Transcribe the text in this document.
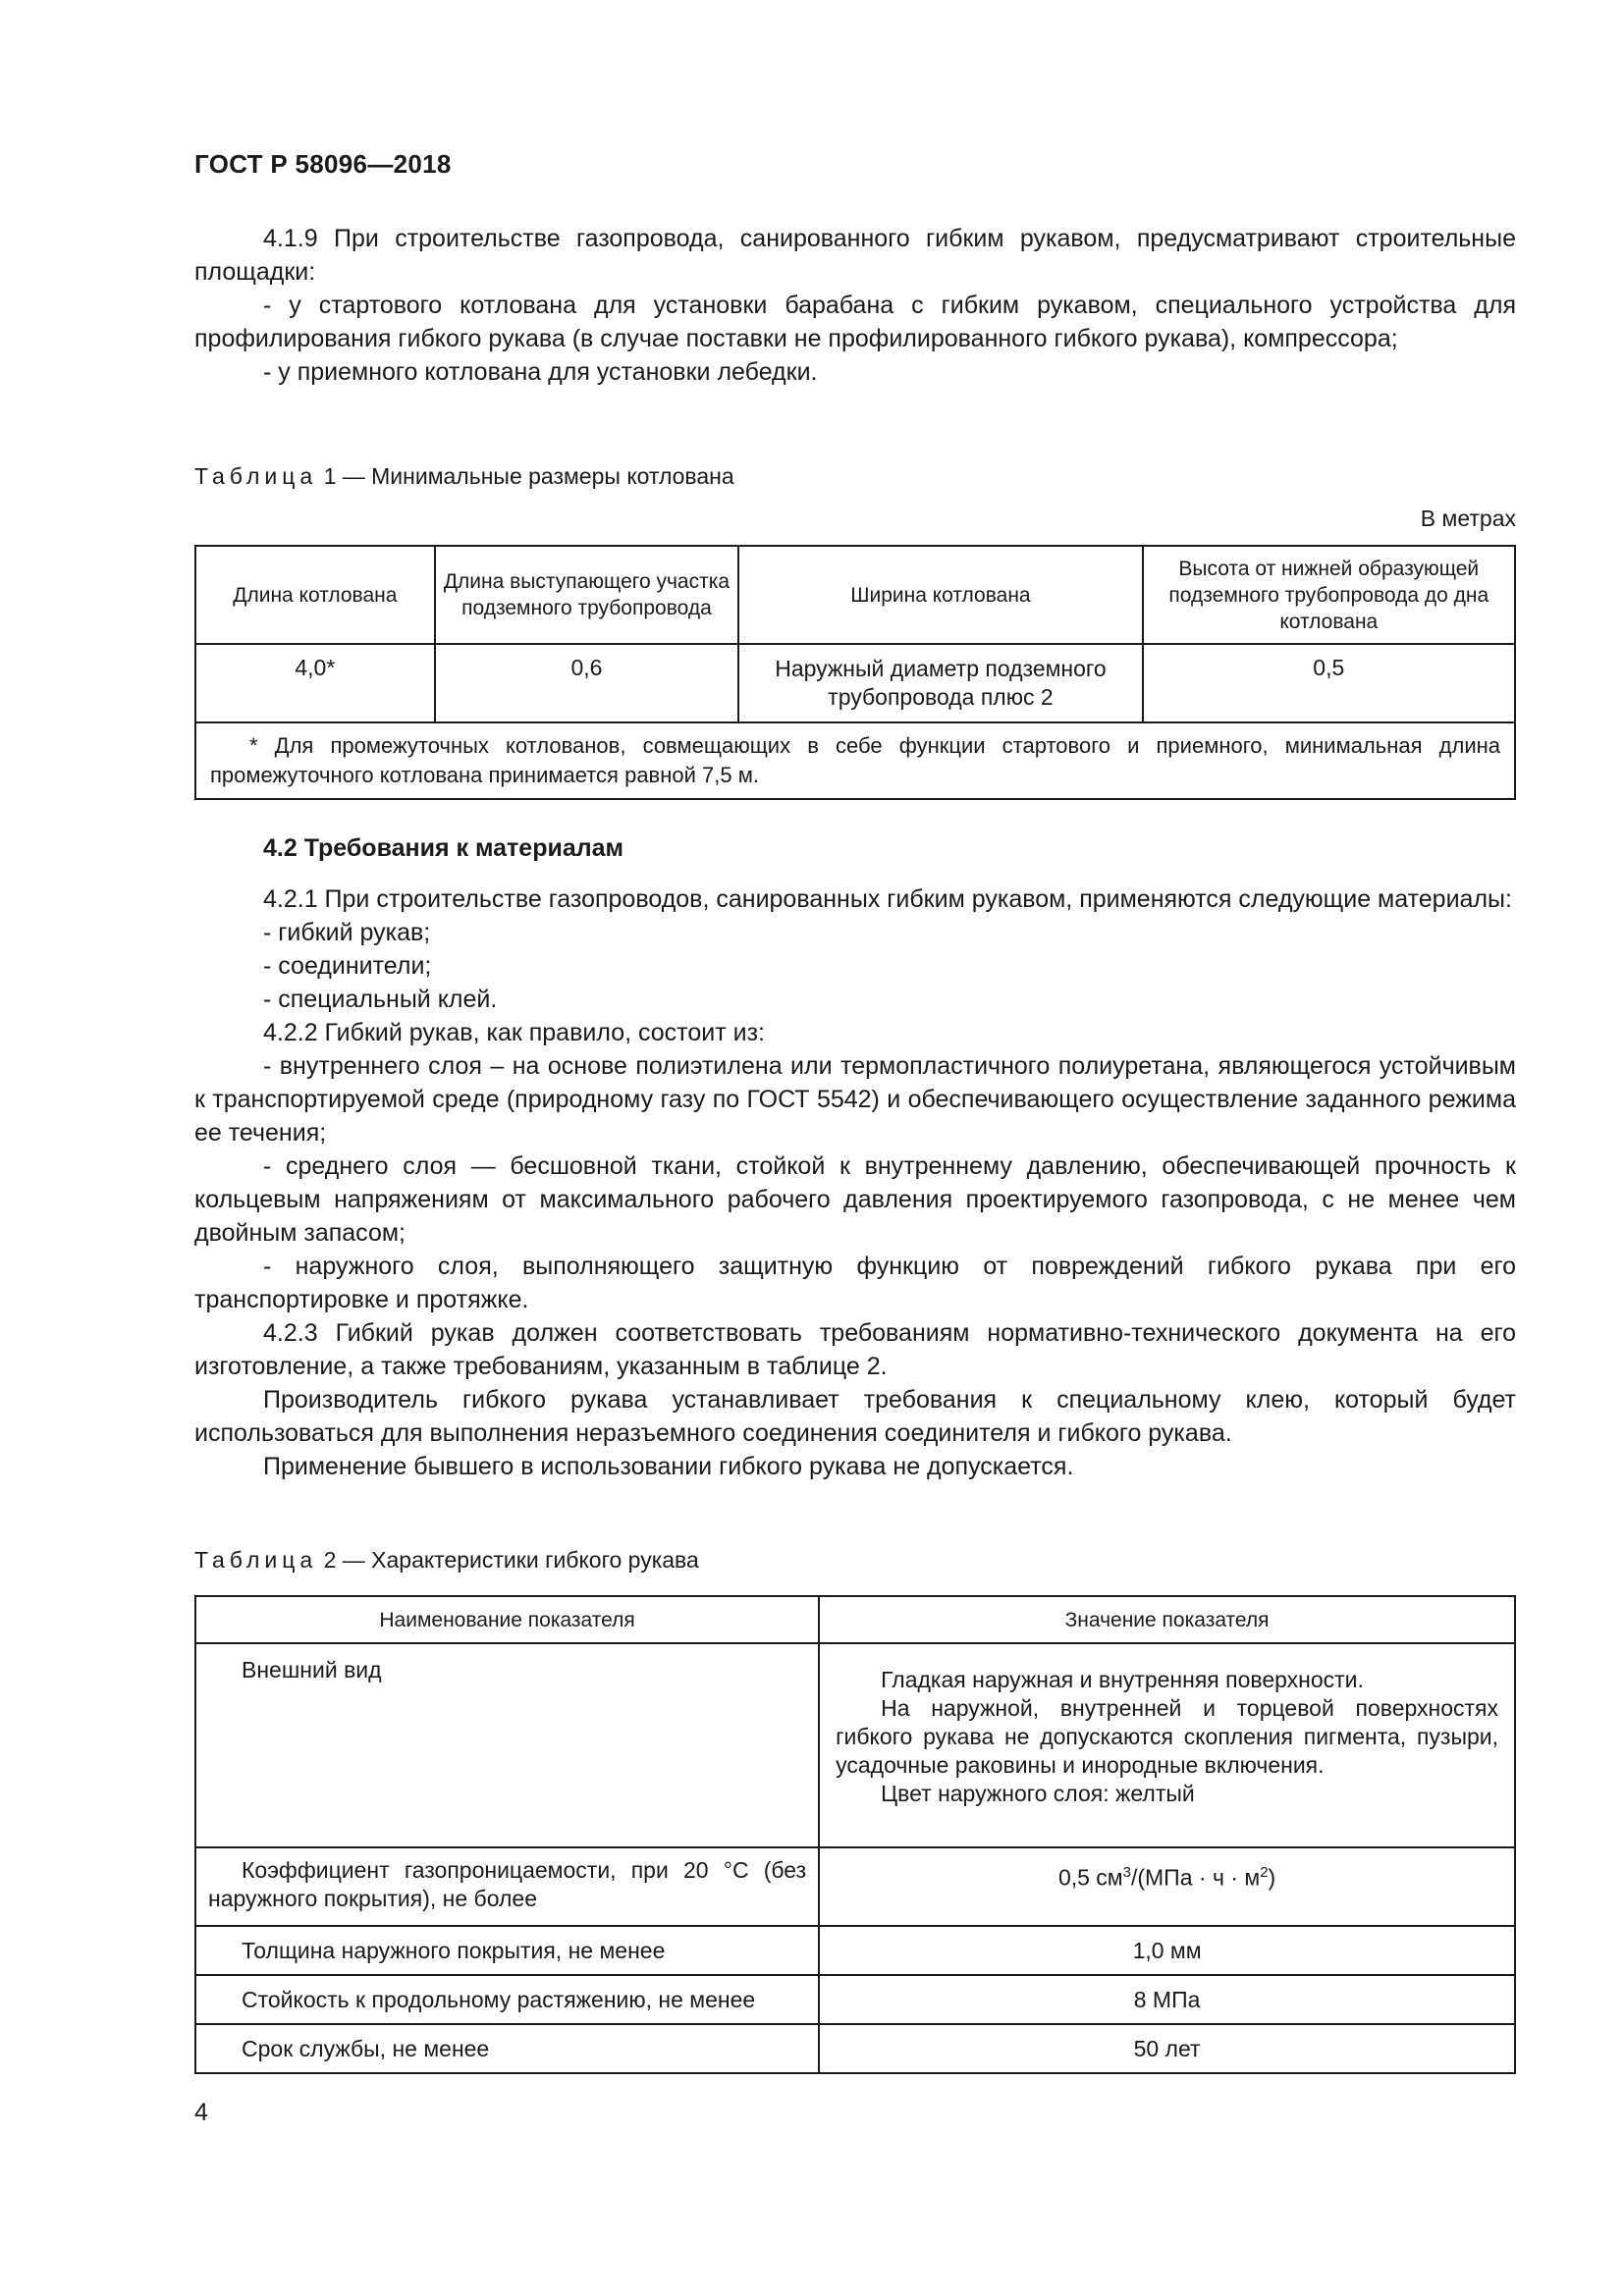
ГОСТ Р 58096—2018

4.1.9 При строительстве газопровода, санированного гибким рукавом, предусматривают строительные площадки:

- у стартового котлована для установки барабана с гибким рукавом, специального устройства для профилирования гибкого рукава (в случае поставки не профилированного гибкого рукава), компрессора;

- у приемного котлована для установки лебедки.

Таблица 1 — Минимальные размеры котлована
В метрах
Длина котлована	Длина выступающего участка подземного трубопровода	Ширина котлована	Высота от нижней образующей подземного трубопровода до дна котлована
4,0*	0,6	Наружный диаметр подземного трубопровода плюс 2	0,5

* Для промежуточных котлованов, совмещающих в себе функции стартового и приемного, минимальная длина промежуточного котлована принимается равной 7,5 м.			
4.2 Требования к материалам

4.2.1 При строительстве газопроводов, санированных гибким рукавом, применяются следующие материалы:

- гибкий рукав;

- соединители;

- специальный клей.

4.2.2 Гибкий рукав, как правило, состоит из:

- внутреннего слоя – на основе полиэтилена или термопластичного полиуретана, являющегося устойчивым к транспортируемой среде (природному газу по ГОСТ 5542) и обеспечивающего осуществление заданного режима ее течения;

- среднего слоя — бесшовной ткани, стойкой к внутреннему давлению, обеспечивающей прочность к кольцевым напряжениям от максимального рабочего давления проектируемого газопровода, с не менее чем двойным запасом;

- наружного слоя, выполняющего защитную функцию от повреждений гибкого рукава при его транспортировке и протяжке.

4.2.3 Гибкий рукав должен соответствовать требованиям нормативно-технического документа на его изготовление, а также требованиям, указанным в таблице 2.

Производитель гибкого рукава устанавливает требования к специальному клею, который будет использоваться для выполнения неразъемного соединения соединителя и гибкого рукава.

Применение бывшего в использовании гибкого рукава не допускается.

Таблица 2 — Характеристики гибкого рукава
Наименование показателя	Значение показателя
Внешний вид	Гладкая наружная и внутренняя поверхности.

На наружной, внутренней и торцевой поверхностях гибкого рукава не допускаются скопления пигмента, пузыри, усадочные раковины и инородные включения.

Цвет наружного слоя: желтый

Коэффициент газопроницаемости, при 20 °C (без наружного покрытия), не более	0,5 $см^3/(МПа \cdot ч \cdot м^2)$
Толщина наружного покрытия, не менее	1,0 мм
Стойкость к продольному растяжению, не менее	8 МПа
Срок службы, не менее	50 лет
4
